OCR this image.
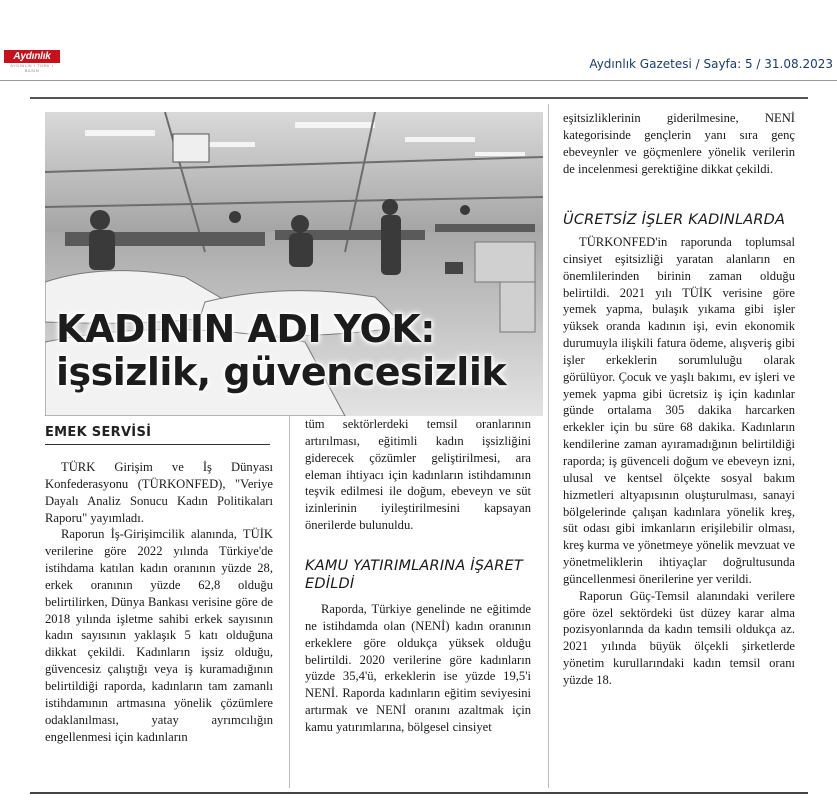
Aydınlık
AYDINLIK • TÜRK • BASIN	Aydınlık Gazetesi / Sayfa: 5 / 31.08.2023
KADININ ADI YOK:
işsizlik, güvencesizlik
EMEK SERVİSİ

TÜRK Girişim ve İş Dünyası Konfederasyonu (TÜRKONFED), "Veriye Dayalı Analiz Sonucu Kadın Politikaları Raporu" yayımladı.

Raporun İş-Girişimcilik alanında, TÜİK verilerine göre 2022 yılında Türkiye'de istihdama katılan kadın oranının yüzde 28, erkek oranının yüzde 62,8 olduğu belirtilirken, Dünya Bankası verisine göre de 2018 yılında işletme sahibi erkek sayısının kadın sayısının yaklaşık 5 katı olduğuna dikkat çekildi. Kadınların işsiz olduğu, güvencesiz çalıştığı veya iş kuramadığının belirtildiği raporda, kadınların tam zamanlı istihdamının artmasına yönelik çözümlere odaklanılması, yatay ayrımcılığın engellenmesi için kadınların

tüm sektörlerdeki temsil oranlarının artırılması, eğitimli kadın işsizliğini giderecek çözümler geliştirilmesi, ara eleman ihtiyacı için kadınların istihdamının teşvik edilmesi ile doğum, ebeveyn ve süt izinlerinin iyileştirilmesini kapsayan önerilerde bulunuldu.

KAMU YATIRIMLARINA İŞARET EDİLDİ

Raporda, Türkiye genelinde ne eğitimde ne istihdamda olan (NENİ) kadın oranının erkeklere göre oldukça yüksek olduğu belirtildi. 2020 verilerine göre kadınların yüzde 35,4'ü, erkeklerin ise yüzde 19,5'i NENİ. Raporda kadınların eğitim seviyesini artırmak ve NENİ oranını azaltmak için kamu yatırımlarına, bölgesel cinsiyet

eşitsizliklerinin giderilmesine, NENİ kategorisinde gençlerin yanı sıra genç ebeveynler ve göçmenlere yönelik verilerin de incelenmesi gerektiğine dikkat çekildi.

ÜCRETSİZ İŞLER KADINLARDA

TÜRKONFED'in raporunda toplumsal cinsiyet eşitsizliği yaratan alanların en önemlilerinden birinin zaman olduğu belirtildi. 2021 yılı TÜİK verisine göre yemek yapma, bulaşık yıkama gibi işler yüksek oranda kadının işi, evin ekonomik durumuyla ilişkili fatura ödeme, alışveriş gibi işler erkeklerin sorumluluğu olarak görülüyor. Çocuk ve yaşlı bakımı, ev işleri ve yemek yapma gibi ücretsiz iş için kadınlar günde ortalama 305 dakika harcarken erkekler için bu süre 68 dakika. Kadınların kendilerine zaman ayıramadığının belirtildiği raporda; iş güvenceli doğum ve ebeveyn izni, ulusal ve kentsel ölçekte sosyal bakım hizmetleri altyapısının oluşturulması, sanayi bölgelerinde çalışan kadınlara yönelik kreş, süt odası gibi imkanların erişilebilir olması, kreş kurma ve yönetmeye yönelik mevzuat ve yönetmeliklerin ihtiyaçlar doğrultusunda güncellenmesi önerilerine yer verildi.

Raporun Güç-Temsil alanındaki verilere göre özel sektördeki üst düzey karar alma pozisyonlarında da kadın temsili oldukça az. 2021 yılında büyük ölçekli şirketlerde yönetim kurullarındaki kadın temsil oranı yüzde 18.
